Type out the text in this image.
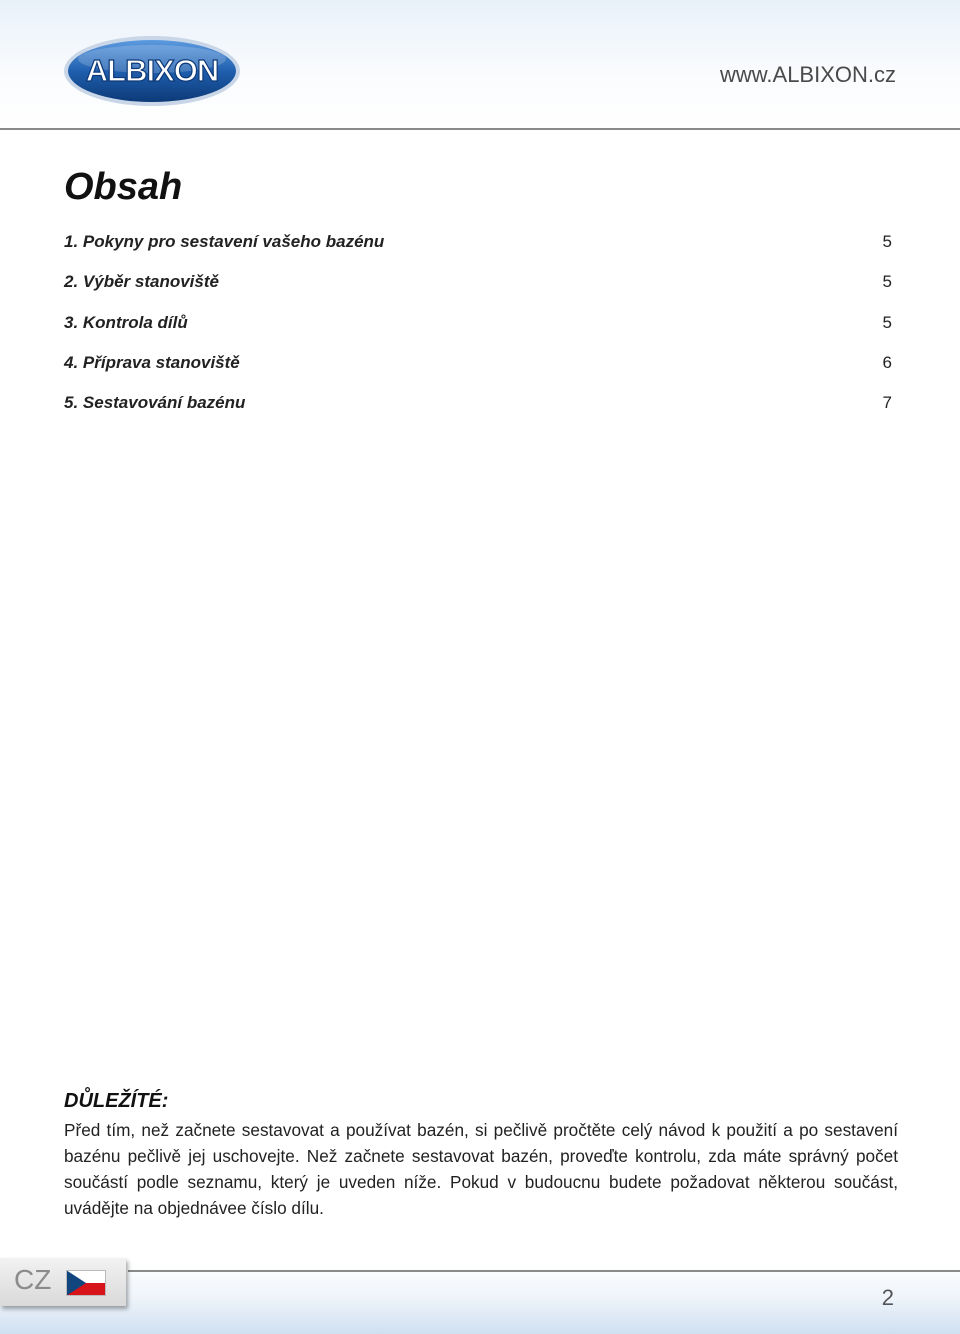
ALBIXON	www.ALBIXON.cz
Obsah
1. Pokyny pro sestavení vašeho bazénu	5
2. Výběr stanoviště	5
3. Kontrola dílů	5
4. Příprava stanoviště	6
5. Sestavování bazénu	7
DŮLEŽÍTÉ:

Před tím, než začnete sestavovat a používat bazén, si pečlivě pročtěte celý návod k použití a po sestavení bazénu pečlivě jej uschovejte. Než začnete sestavovat bazén, proveďte kontrolu, zda máte správný počet součástí podle seznamu, který je uveden níže. Pokud v budoucnu budete požadovat některou součást, uvádějte na objednávee číslo dílu.

CZ
2
